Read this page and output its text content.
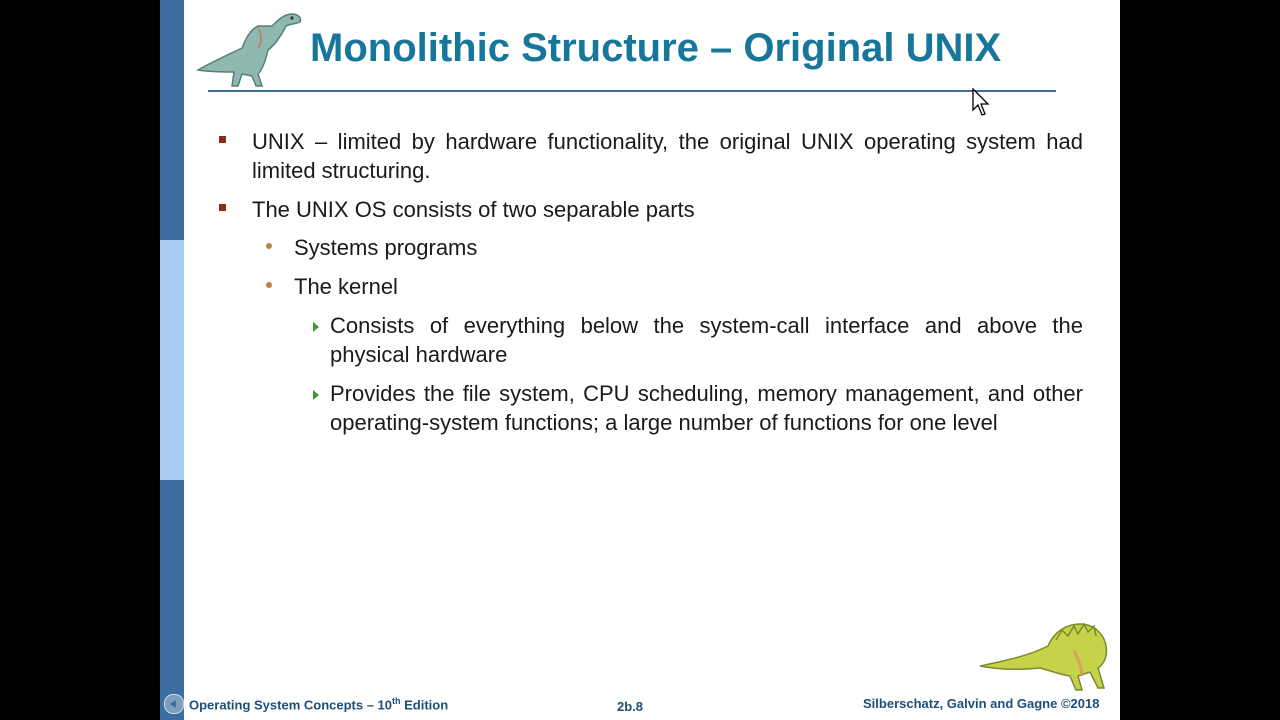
Monolithic Structure – Original UNIX
UNIX – limited by hardware functionality, the original UNIX operating system had limited structuring.
The UNIX OS consists of two separable parts
Systems programs
The kernel
Consists of everything below the system-call interface and above the physical hardware
Provides the file system, CPU scheduling, memory management, and other operating-system functions; a large number of functions for one level
Operating System Concepts – 10th Edition	2b.8	Silberschatz, Galvin and Gagne ©2018
